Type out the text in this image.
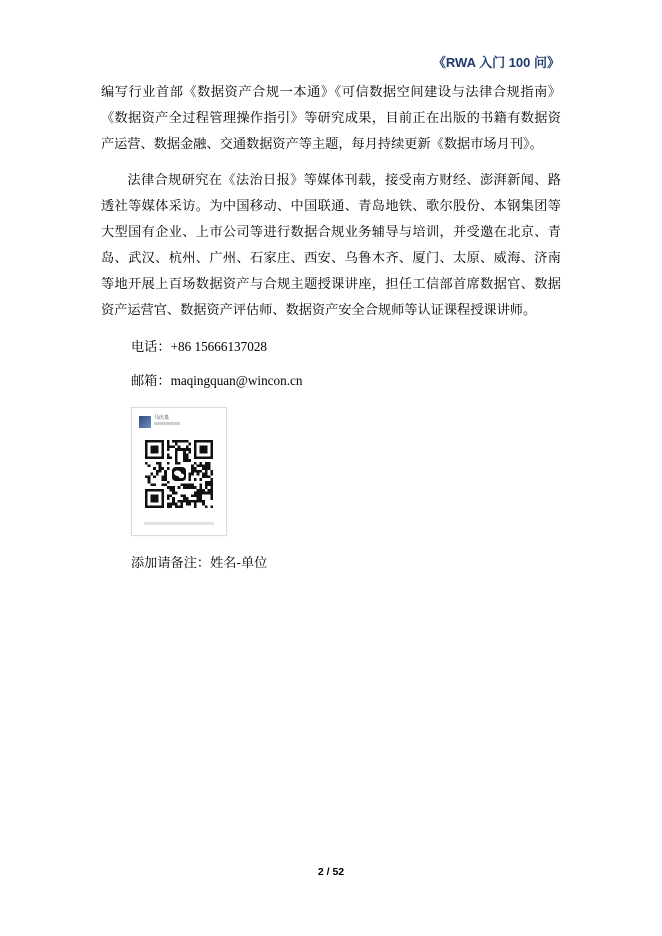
《RWA 入门 100 问》

编写行业首部《数据资产合规一本通》《可信数据空间建设与法律合规指南》《数据资产全过程管理操作指引》等研究成果，目前正在出版的书籍有数据资产运营、数据金融、交通数据资产等主题，每月持续更新《数据市场月刊》。

法律合规研究在《法治日报》等媒体刊载，接受南方财经、澎湃新闻、路透社等媒体采访。为中国移动、中国联通、青岛地铁、歌尔股份、本钢集团等大型国有企业、上市公司等进行数据合规业务辅导与培训，并受邀在北京、青岛、武汉、杭州、广州、石家庄、西安、乌鲁木齐、厦门、太原、威海、济南等地开展上百场数据资产与合规主题授课讲座，担任工信部首席数据官、数据资产运营官、数据资产评估师、数据资产安全合规师等认证课程授课讲师。

电话：+86 15666137028
邮箱：maqingquan@wincon.cn
马庆泉
添加请备注：姓名-单位
2 / 52
